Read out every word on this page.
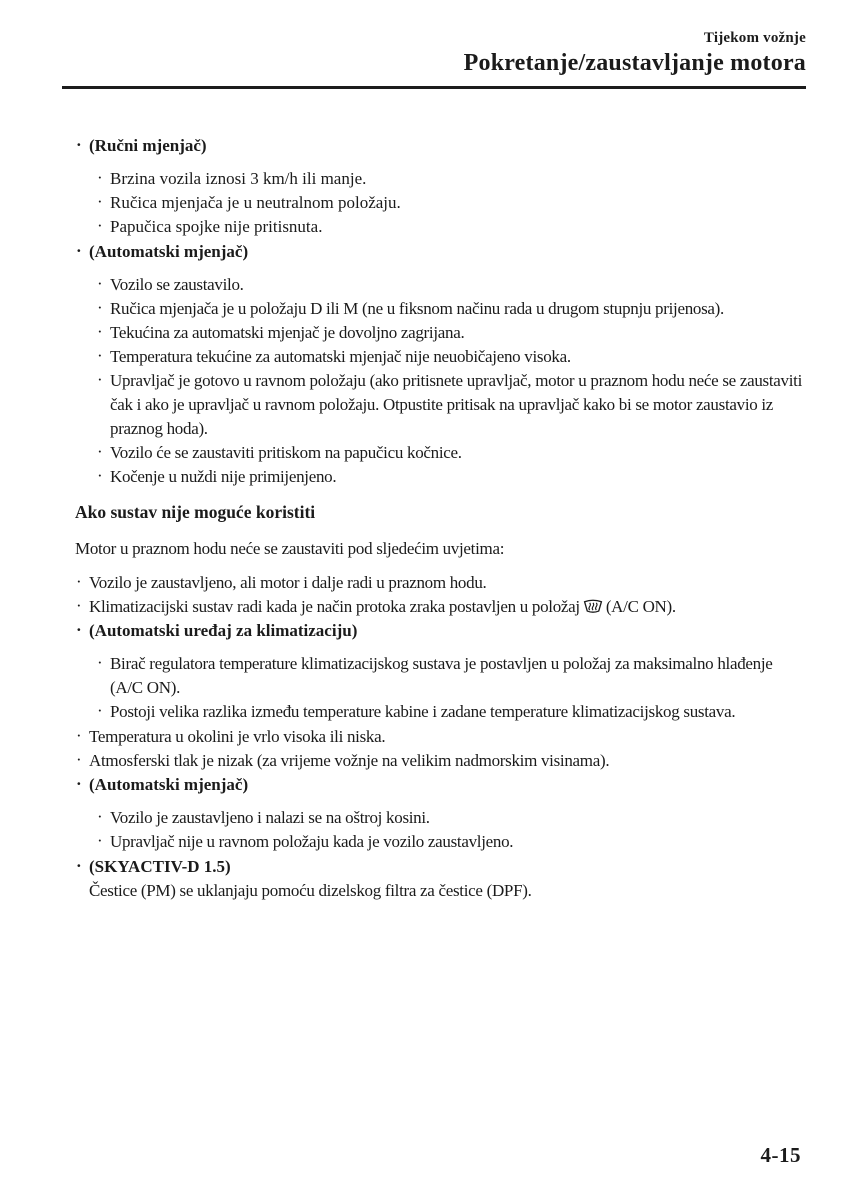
Tijekom vožnje
Pokretanje/zaustavljanje motora
· (Ručni mjenjač)
· Brzina vozila iznosi 3 km/h ili manje.
· Ručica mjenjača je u neutralnom položaju.
· Papučica spojke nije pritisnuta.
· (Automatski mjenjač)
· Vozilo se zaustavilo.
· Ručica mjenjača je u položaju D ili M (ne u fiksnom načinu rada u drugom stupnju prijenosa).
· Tekućina za automatski mjenjač je dovoljno zagrijana.
· Temperatura tekućine za automatski mjenjač nije neuobičajeno visoka.
· Upravljač je gotovo u ravnom položaju (ako pritisnete upravljač, motor u praznom hodu neće se zaustaviti čak i ako je upravljač u ravnom položaju. Otpustite pritisak na upravljač kako bi se motor zaustavio iz praznog hoda).
· Vozilo će se zaustaviti pritiskom na papučicu kočnice.
· Kočenje u nuždi nije primijenjeno.
Ako sustav nije moguće koristiti

Motor u praznom hodu neće se zaustaviti pod sljedećim uvjetima:

· Vozilo je zaustavljeno, ali motor i dalje radi u praznom hodu.
· Klimatizacijski sustav radi kada je način protoka zraka postavljen u položaj (A/C ON).
· (Automatski uređaj za klimatizaciju)
· Birač regulatora temperature klimatizacijskog sustava je postavljen u položaj za maksimalno hlađenje (A/C ON).
· Postoji velika razlika između temperature kabine i zadane temperature klimatizacijskog sustava.
· Temperatura u okolini je vrlo visoka ili niska.
· Atmosferski tlak je nizak (za vrijeme vožnje na velikim nadmorskim visinama).
· (Automatski mjenjač)
· Vozilo je zaustavljeno i nalazi se na oštroj kosini.
· Upravljač nije u ravnom položaju kada je vozilo zaustavljeno.
· (SKYACTIV-D 1.5)
Čestice (PM) se uklanjaju pomoću dizelskog filtra za čestice (DPF).
4-15
